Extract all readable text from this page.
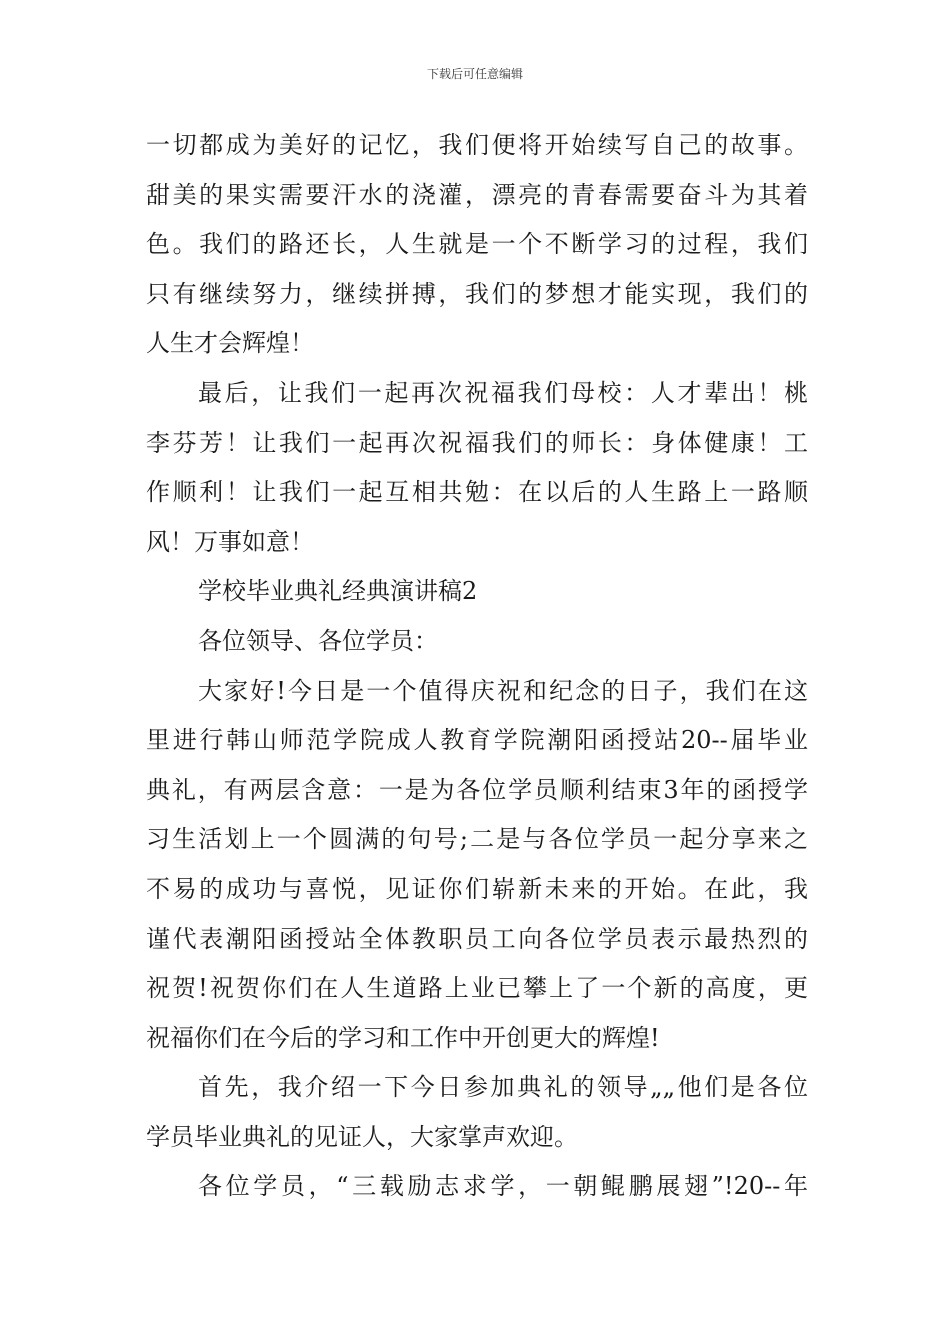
下载后可任意编辑
一切都成为美好的记忆，我们便将开始续写自己的故事。
甜美的果实需要汗水的浇灌，漂亮的青春需要奋斗为其着
色。我们的路还长，人生就是一个不断学习的过程，我们
只有继续努力，继续拼搏，我们的梦想才能实现，我们的
人生才会辉煌！
最后，让我们一起再次祝福我们母校：人才辈出！桃
李芬芳！让我们一起再次祝福我们的师长：身体健康！工
作顺利！让我们一起互相共勉：在以后的人生路上一路顺
风！万事如意！
学校毕业典礼经典演讲稿2
各位领导、各位学员：
大家好!今日是一个值得庆祝和纪念的日子，我们在这
里进行韩山师范学院成人教育学院潮阳函授站20--届毕业
典礼，有两层含意：一是为各位学员顺利结束3年的函授学
习生活划上一个圆满的句号;二是与各位学员一起分享来之
不易的成功与喜悦，见证你们崭新未来的开始。在此，我
谨代表潮阳函授站全体教职员工向各位学员表示最热烈的
祝贺!祝贺你们在人生道路上业已攀上了一个新的高度，更
祝福你们在今后的学习和工作中开创更大的辉煌!
首先，我介绍一下今日参加典礼的领导„„他们是各位
学员毕业典礼的见证人，大家掌声欢迎。
各位学员，“三载励志求学，一朝鲲鹏展翅”!20--年
